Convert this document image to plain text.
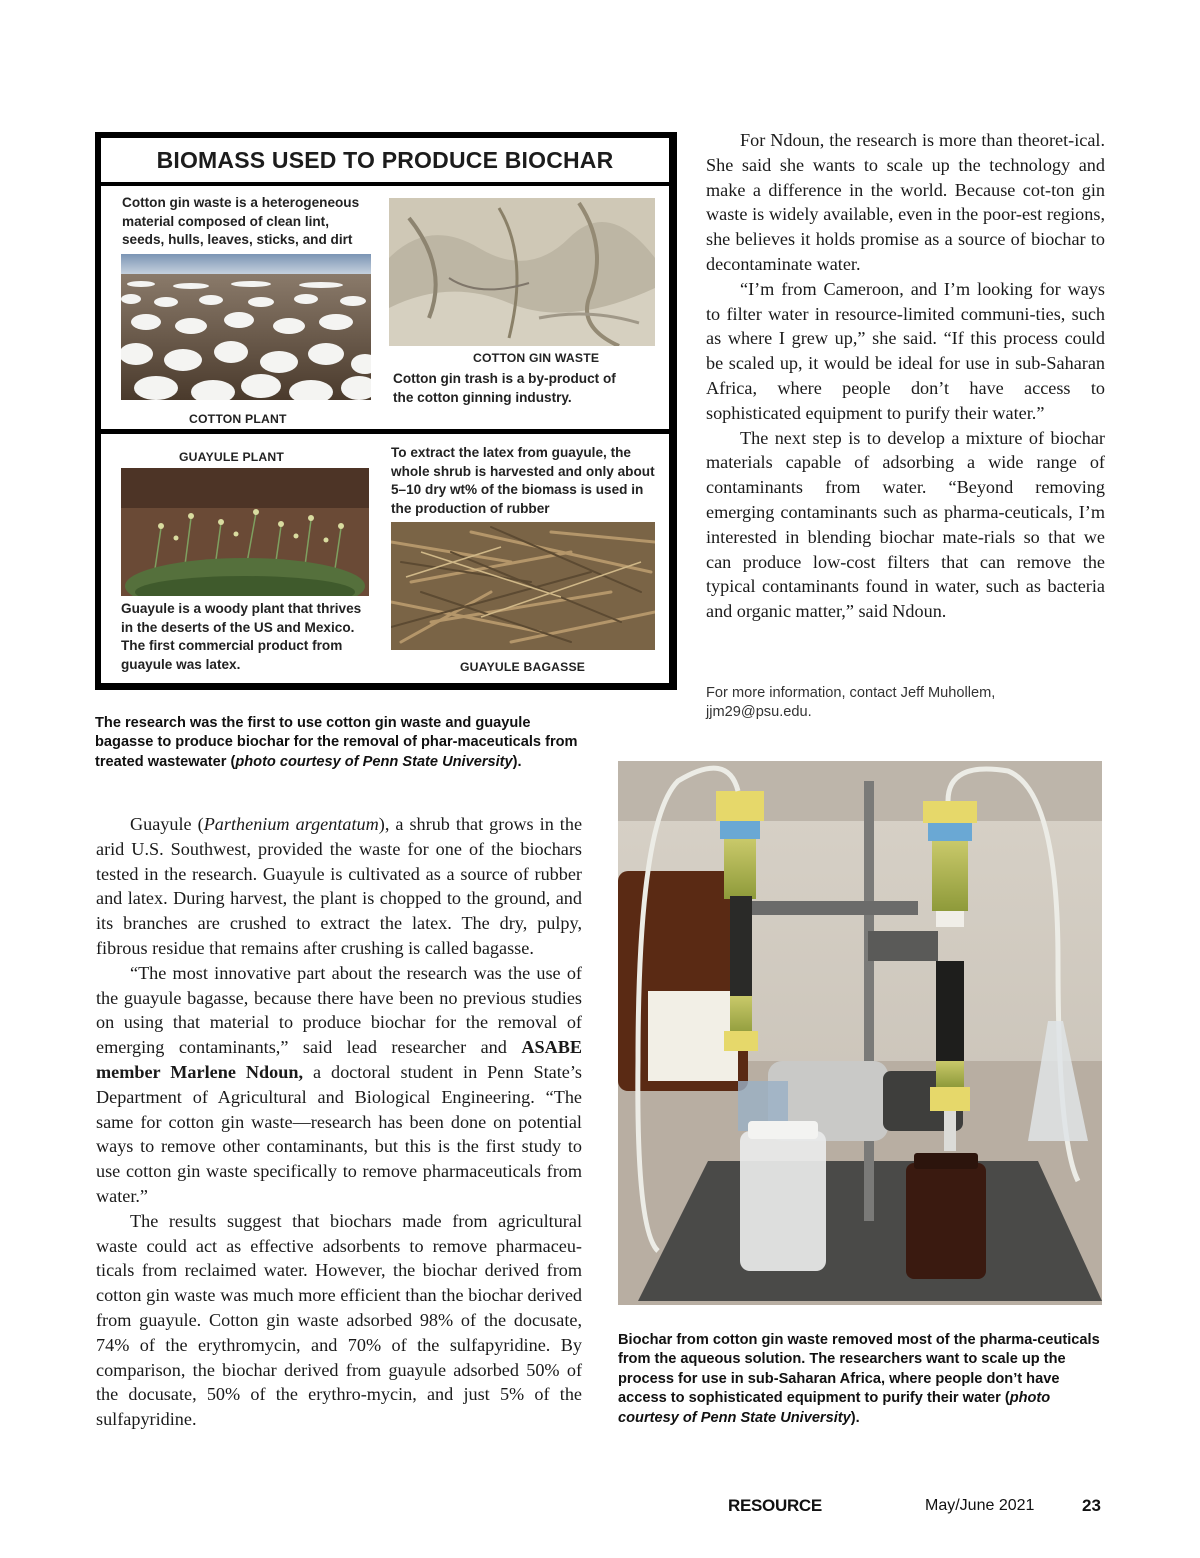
BIOMASS USED TO PRODUCE BIOCHAR
Cotton gin waste is a heterogeneous
material composed of clean lint,
seeds, hulls, leaves, sticks, and dirt
COTTON PLANT
COTTON GIN WASTE
Cotton gin trash is a by-product of
the cotton ginning industry.
GUAYULE PLANT
Guayule is a woody plant that thrives
in the deserts of the US and Mexico.
The first commercial product from
guayule was latex.
To extract the latex from guayule, the
whole shrub is harvested and only about
5–10 dry wt% of the biomass is used in
the production of rubber
GUAYULE BAGASSE
The research was the first to use cotton gin waste and guayule bagasse to produce biochar for the removal of phar-maceuticals from treated wastewater (photo courtesy of Penn State University).

Guayule (Parthenium argentatum), a shrub that grows in the arid U.S. Southwest, provided the waste for one of the biochars tested in the research. Guayule is cultivated as a source of rubber and latex. During harvest, the plant is chopped to the ground, and its branches are crushed to extract the latex. The dry, pulpy, fibrous residue that remains after crushing is called bagasse.

“The most innovative part about the research was the use of the guayule bagasse, because there have been no previous studies on using that material to produce biochar for the removal of emerging contaminants,” said lead researcher and ASABE member Marlene Ndoun, a doctoral student in Penn State’s Department of Agricultural and Biological Engineering. “The same for cotton gin waste—research has been done on potential ways to remove other contaminants, but this is the first study to use cotton gin waste specifically to remove pharmaceuticals from water.”

The results suggest that biochars made from agricultural waste could act as effective adsorbents to remove pharmaceu-ticals from reclaimed water. However, the biochar derived from cotton gin waste was much more efficient than the biochar derived from guayule. Cotton gin waste adsorbed 98% of the docusate, 74% of the erythromycin, and 70% of the sulfapyridine. By comparison, the biochar derived from guayule adsorbed 50% of the docusate, 50% of the erythro-mycin, and just 5% of the sulfapyridine.

For Ndoun, the research is more than theoret-ical. She said she wants to scale up the technology and make a difference in the world. Because cot-ton gin waste is widely available, even in the poor-est regions, she believes it holds promise as a source of biochar to decontaminate water.

“I’m from Cameroon, and I’m looking for ways to filter water in resource-limited communi-ties, such as where I grew up,” she said. “If this process could be scaled up, it would be ideal for use in sub-Saharan Africa, where people don’t have access to sophisticated equipment to purify their water.”

The next step is to develop a mixture of biochar materials capable of adsorbing a wide range of contaminants from water. “Beyond removing emerging contaminants such as pharma-ceuticals, I’m interested in blending biochar mate-rials so that we can produce low-cost filters that can remove the typical contaminants found in water, such as bacteria and organic matter,” said Ndoun.

For more information, contact Jeff Muhollem,
jjm29@psu.edu.
Biochar from cotton gin waste removed most of the pharma-ceuticals from the aqueous solution. The researchers want to scale up the process for use in sub-Saharan Africa, where people don’t have access to sophisticated equipment to purify their water (photo courtesy of Penn State University).
RESOURCE	May/June 2021	23
